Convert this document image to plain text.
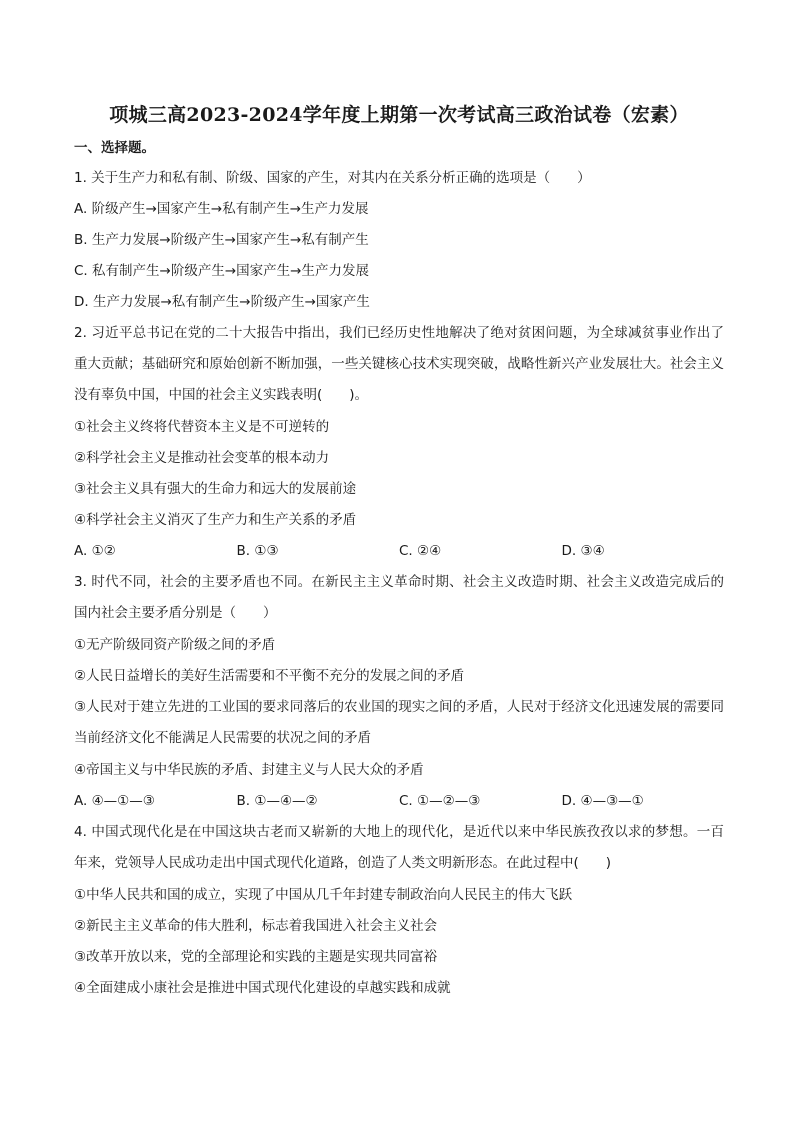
项城三高2023-2024学年度上期第一次考试高三政治试卷（宏素）
一、选择题。
1. 关于生产力和私有制、阶级、国家的产生，对其内在关系分析正确的选项是（　　）
A. 阶级产生→国家产生→私有制产生→生产力发展
B. 生产力发展→阶级产生→国家产生→私有制产生
C. 私有制产生→阶级产生→国家产生→生产力发展
D. 生产力发展→私有制产生→阶级产生→国家产生
2. 习近平总书记在党的二十大报告中指出，我们已经历史性地解决了绝对贫困问题，为全球减贫事业作出了重大贡献；基础研究和原始创新不断加强，一些关键核心技术实现突破，战略性新兴产业发展壮大。社会主义没有辜负中国，中国的社会主义实践表明(　　)。
①社会主义终将代替资本主义是不可逆转的
②科学社会主义是推动社会变革的根本动力
③社会主义具有强大的生命力和远大的发展前途
④科学社会主义消灭了生产力和生产关系的矛盾
A. ①②	B. ①③	C. ②④	D. ③④
3. 时代不同，社会的主要矛盾也不同。在新民主主义革命时期、社会主义改造时期、社会主义改造完成后的国内社会主要矛盾分别是（　　）
①无产阶级同资产阶级之间的矛盾
②人民日益增长的美好生活需要和不平衡不充分的发展之间的矛盾
③人民对于建立先进的工业国的要求同落后的农业国的现实之间的矛盾，人民对于经济文化迅速发展的需要同当前经济文化不能满足人民需要的状况之间的矛盾
④帝国主义与中华民族的矛盾、封建主义与人民大众的矛盾
A. ④—①—③	B. ①—④—②	C. ①—②—③	D. ④—③—①
4. 中国式现代化是在中国这块古老而又崭新的大地上的现代化，是近代以来中华民族孜孜以求的梦想。一百年来，党领导人民成功走出中国式现代化道路，创造了人类文明新形态。在此过程中(　　)
①中华人民共和国的成立，实现了中国从几千年封建专制政治向人民民主的伟大飞跃
②新民主主义革命的伟大胜利，标志着我国进入社会主义社会
③改革开放以来，党的全部理论和实践的主题是实现共同富裕
④全面建成小康社会是推进中国式现代化建设的卓越实践和成就
